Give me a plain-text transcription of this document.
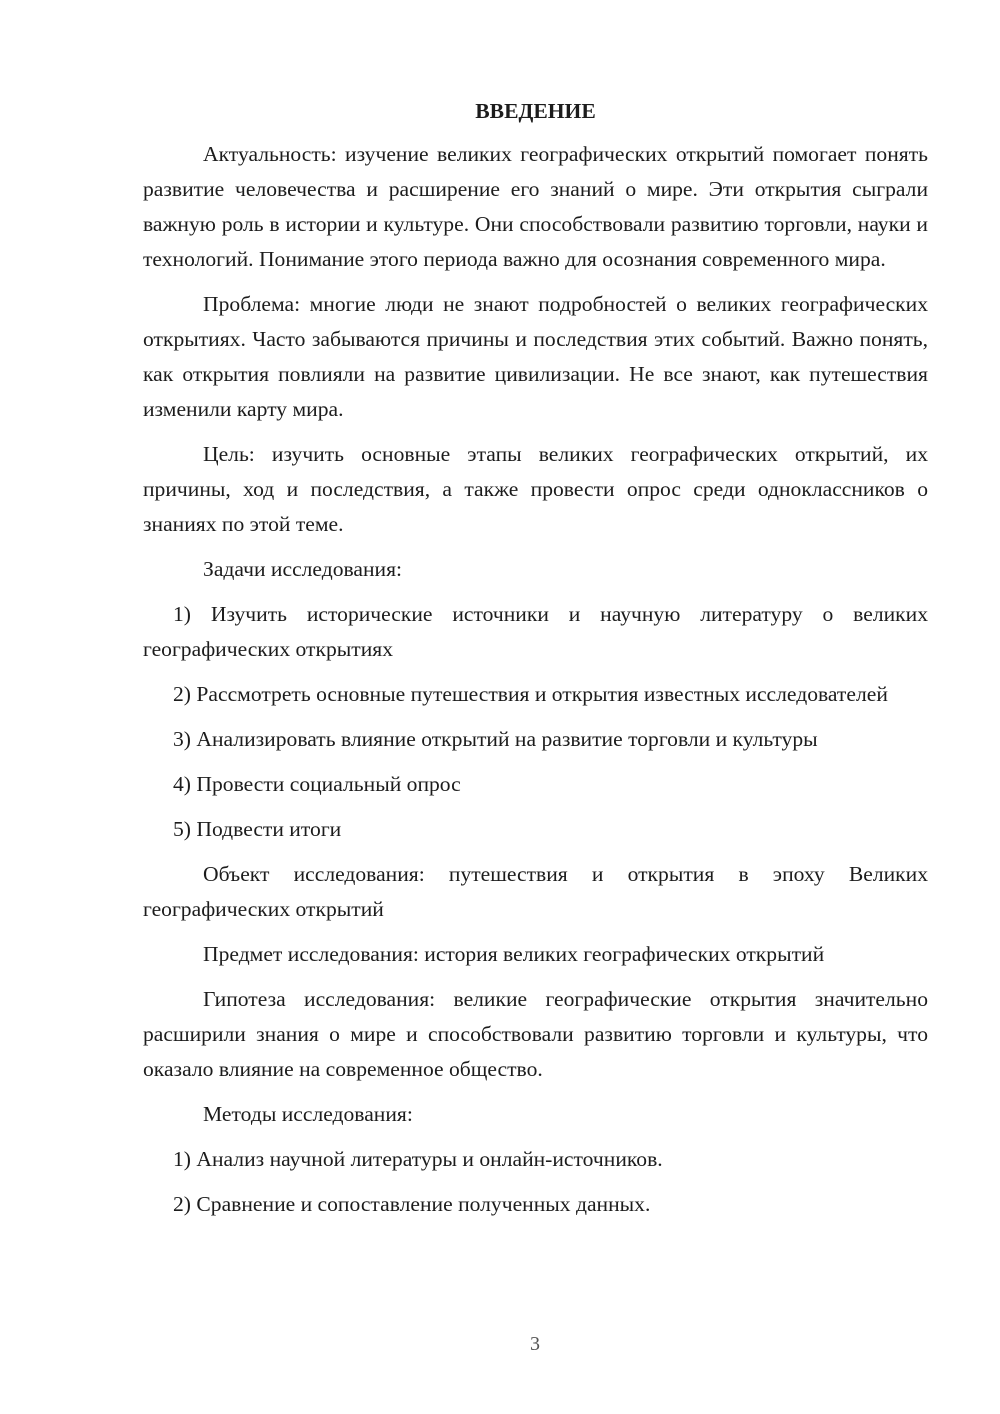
ВВЕДЕНИЕ

Актуальность: изучение великих географических открытий помогает понять развитие человечества и расширение его знаний о мире. Эти открытия сыграли важную роль в истории и культуре. Они способствовали развитию торговли, науки и технологий. Понимание этого периода важно для осознания современного мира.

Проблема: многие люди не знают подробностей о великих географических открытиях. Часто забываются причины и последствия этих событий. Важно понять, как открытия повлияли на развитие цивилизации. Не все знают, как путешествия изменили карту мира.

Цель: изучить основные этапы великих географических открытий, их причины, ход и последствия, а также провести опрос среди одноклассников о знаниях по этой теме.

Задачи исследования:

1) Изучить исторические источники и научную литературу о великих географических открытиях

2) Рассмотреть основные путешествия и открытия известных исследователей

3) Анализировать влияние открытий на развитие торговли и культуры

4) Провести социальный опрос

5) Подвести итоги

Объект исследования: путешествия и открытия в эпоху Великих географических открытий

Предмет исследования: история великих географических открытий

Гипотеза исследования: великие географические открытия значительно расширили знания о мире и способствовали развитию торговли и культуры, что оказало влияние на современное общество.

Методы исследования:

1) Анализ научной литературы и онлайн-источников.

2) Сравнение и сопоставление полученных данных.

3
